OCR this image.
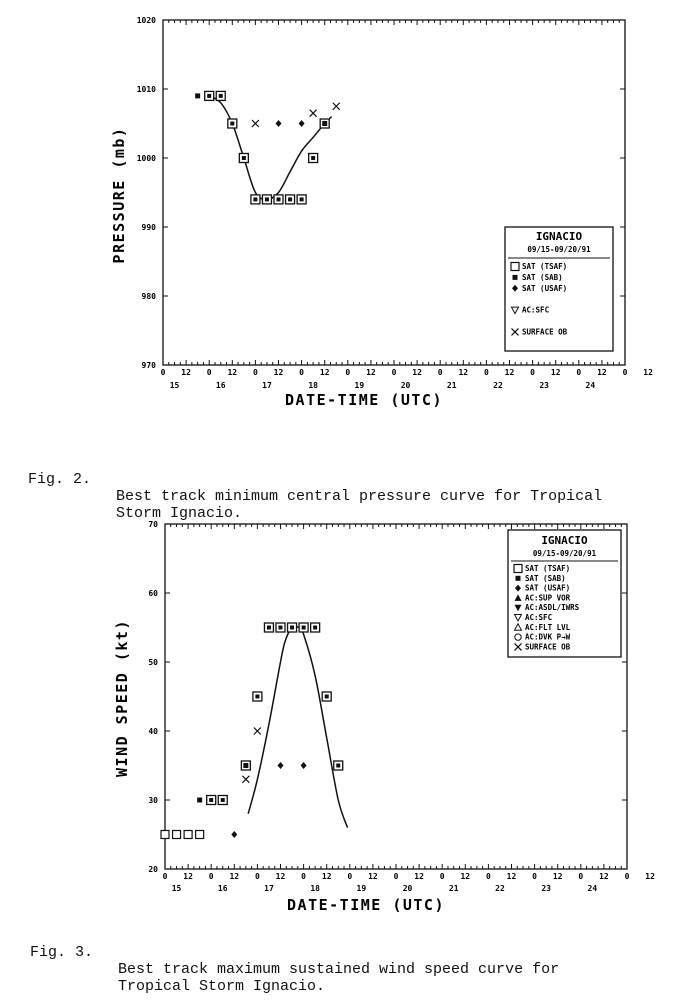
1020
1010
1000
990
980
970
0 12 0 12 0 12 0 12 0 12 0 12 0 12 0 12 0 12 0 12 0 12
15	16	17	18	19	20	21	22	23	24
PRESSURE (mb)
DATE-TIME (UTC)
IGNACIO
09/15-09/20/91
SAT (TSAF)
SAT (SAB)
SAT (USAF)
AC:SFC
SURFACE OB
70
60
50
40
30
20
0 12 0 12 0 12 0 12 0 12 0 12 0 12 0 12 0 12 0 12 0 12
15	16	17	18	19	20	21	22	23	24
WIND SPEED (kt)
DATE-TIME (UTC)
IGNACIO
09/15-09/20/91
SAT (TSAF)
SAT (SAB)
SAT (USAF)
AC:SUP VOR
AC:ASDL/IWRS
AC:SFC
AC:FLT LVL
AC:DVK P→W
SURFACE OB

Fig. 2.

Best track minimum central pressure curve for Tropical
Storm Ignacio.

Fig. 3.

Best track maximum sustained wind speed curve for
Tropical Storm Ignacio.
